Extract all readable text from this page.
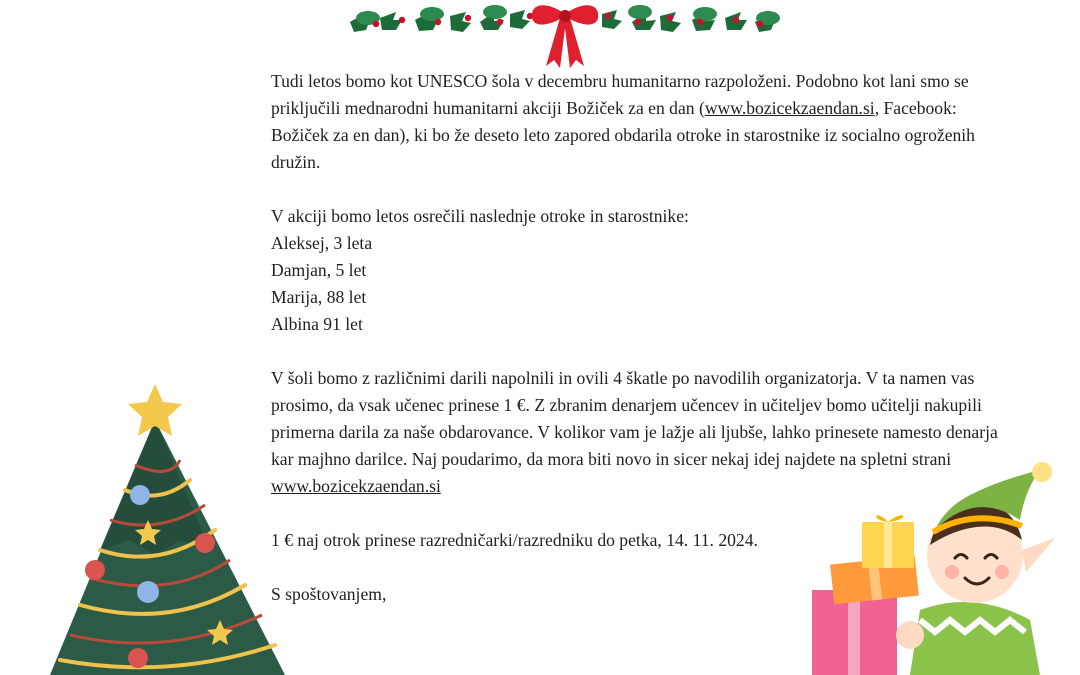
Tudi letos bomo kot UNESCO šola v decembru humanitarno razpoloženi. Podobno kot lani smo se priključili mednarodni humanitarni akciji Božiček za en dan (www.bozicekzaendan.si, Facebook: Božiček za en dan), ki bo že deseto leto zapored obdarila otroke in starostnike iz socialno ogroženih družin.

V akciji bomo letos osrečili naslednje otroke in starostnike:

Aleksej, 3 leta

Damjan, 5 let

Marija, 88 let

Albina 91 let

V šoli bomo z različnimi darili napolnili in ovili 4 škatle po navodilih organizatorja. V ta namen vas prosimo, da vsak učenec prinese 1 €. Z zbranim denarjem učencev in učiteljev bomo učitelji nakupili primerna darila za naše obdarovance. V kolikor vam je lažje ali ljubše, lahko prinesete namesto denarja kar majhno darilce. Naj poudarimo, da mora biti novo in sicer nekaj idej najdete na spletni strani www.bozicekzaendan.si

1 € naj otrok prinese razredničarki/razredniku do petka, 14. 11. 2024.

S spoštovanjem,
